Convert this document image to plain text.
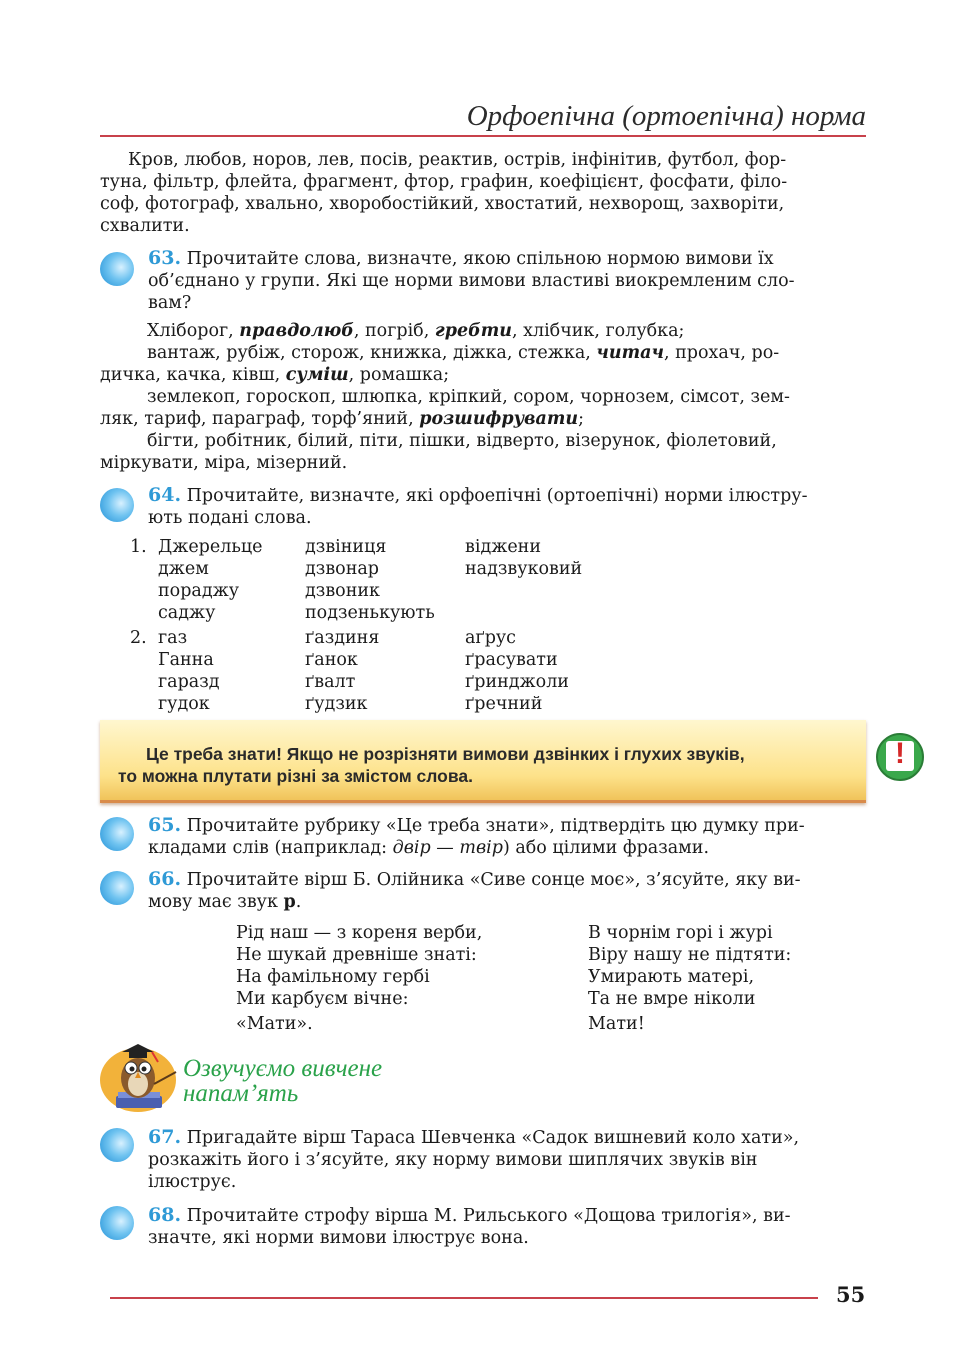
Орфоепічна (ортоепічна) норма
Кров, любов, норов, лев, посів, реактив, острів, інфінітив, футбол, фор-
туна, фільтр, флейта, фрагмент, фтор, графин, коефіцієнт, фосфати, філо-
соф, фотограф, хвально, хворобостійкий, хвостатий, нехворощ, захворіти,
схвалити.
63. Прочитайте слова, визначте, якою спільною нормою вимови їх
об’єднано у групи. Які ще норми вимови властиві виокремленим сло-
вам?
Хліборог, правдолюб, погріб, гребти, хлібчик, голубка;
вантаж, рубіж, сторож, книжка, діжка, стежка, читач, прохач, ро-
дичка, качка, ківш, суміш, ромашка;
землекоп, гороскоп, шлюпка, кріпкий, сором, чорнозем, сімсот, зем-
ляк, тариф, параграф, торф’яний, розшифрувати;
бігти, робітник, білий, піти, пішки, відверто, візерунок, фіолетовий,
міркувати, міра, мізерний.
64. Прочитайте, визначте, які орфоепічні (ортоепічні) норми ілюстру-
ють подані слова.
1. Джерельце
джем
пораджу
саджу
дзвіниця
дзвонар
дзвоник
подзенькують
віджени
надзвуковий
2. газ
Ганна
гаразд
гудок
ґаздиня
ґанок
ґвалт
ґудзик
аґрус
ґрасувати
ґринджоли
ґречний
Це треба знати! Якщо не розрізняти вимови дзвінких і глухих звуків,
то можна плутати різні за змістом слова.
!
65. Прочитайте рубрику «Це треба знати», підтвердіть цю думку при-
кладами слів (наприклад: двір — твір) або цілими фразами.
66. Прочитайте вірш Б. Олійника «Сиве сонце моє», з’ясуйте, яку ви-
мову має звук р.
Рід наш — з кореня верби,
Не шукай древніше знаті:
На фамільному гербі
Ми карбуєм вічне:
«Мати».
В чорнім горі і журі
Віру нашу не підтяти:
Умирають матері,
Та не вмре ніколи
Мати!
Озвучуємо вивчене
напам’ять
67. Пригадайте вірш Тараса Шевченка «Садок вишневий коло хати»,
розкажіть його і з’ясуйте, яку норму вимови шиплячих звуків він
ілюструє.
68. Прочитайте строфу вірша М. Рильського «Дощова трилогія», ви-
значте, які норми вимови ілюструє вона.
55
